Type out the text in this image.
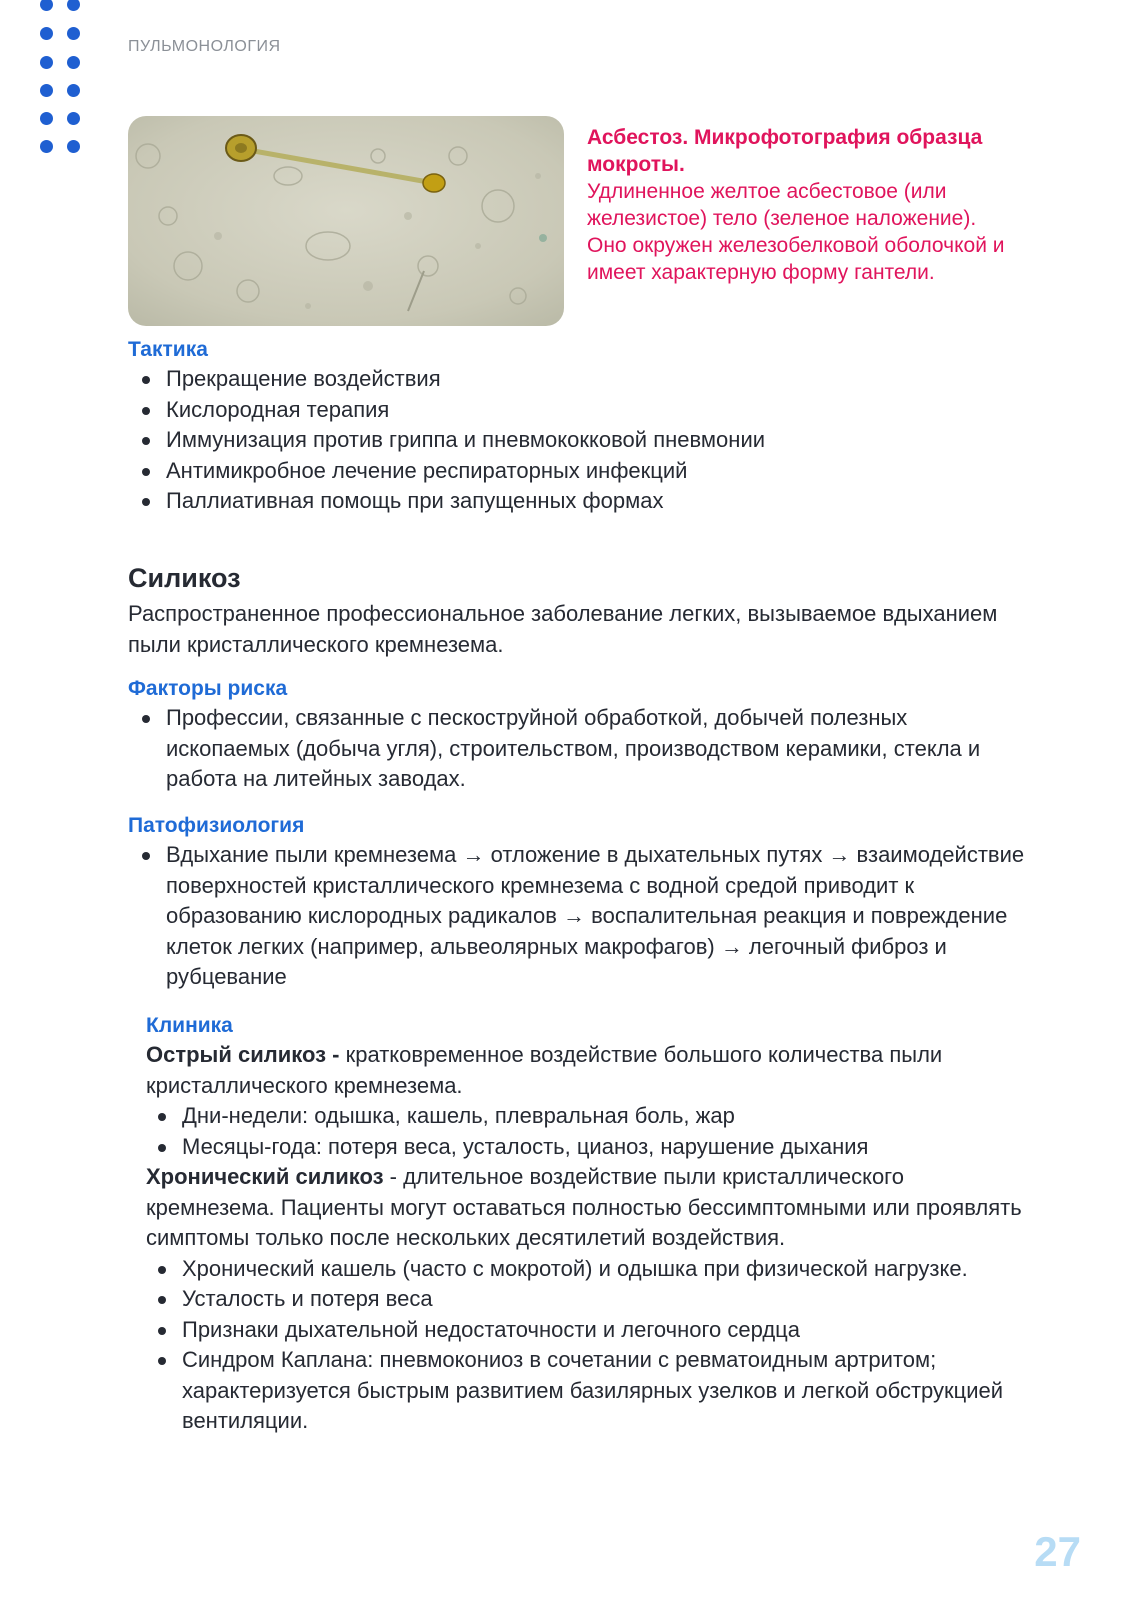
ПУЛЬМОНОЛОГИЯ
Асбестоз. Микрофотография образца мокроты.
Удлиненное желтое асбестовое (или железистое) тело (зеленое наложение). Оно окружен железобелковой оболочкой и имеет характерную форму гантели.
Тактика
Прекращение воздействия
Кислородная терапия
Иммунизация против гриппа и пневмококковой пневмонии
Антимикробное лечение респираторных инфекций
Паллиативная помощь при запущенных формах
Силикоз

Распространенное профессиональное заболевание легких, вызываемое вдыханием пыли кристаллического кремнезема.

Факторы риска
Профессии, связанные с пескоструйной обработкой, добычей полезных ископаемых (добыча угля), строительством, производством керамики, стекла и работа на литейных заводах.
Патофизиология
Вдыхание пыли кремнезема → отложение в дыхательных путях → взаимодействие поверхностей кристаллического кремнезема с водной средой приводит к образованию кислородных радикалов → воспалительная реакция и повреждение клеток легких (например, альвеолярных макрофагов) → легочный фиброз и рубцевание
Клиника

Острый силикоз - кратковременное воздействие большого количества пыли кристаллического кремнезема.

Дни-недели: одышка, кашель, плевральная боль, жар
Месяцы-года: потеря веса, усталость, цианоз, нарушение дыхания

Хронический силикоз - длительное воздействие пыли кристаллического кремнезема. Пациенты могут оставаться полностью бессимптомными или проявлять симптомы только после нескольких десятилетий воздействия.

Хронический кашель (часто с мокротой) и одышка при физической нагрузке.
Усталость и потеря веса
Признаки дыхательной недостаточности и легочного сердца
Синдром Каплана: пневмокониоз в сочетании с ревматоидным артритом; характеризуется быстрым развитием базилярных узелков и легкой обструкцией вентиляции.
27
